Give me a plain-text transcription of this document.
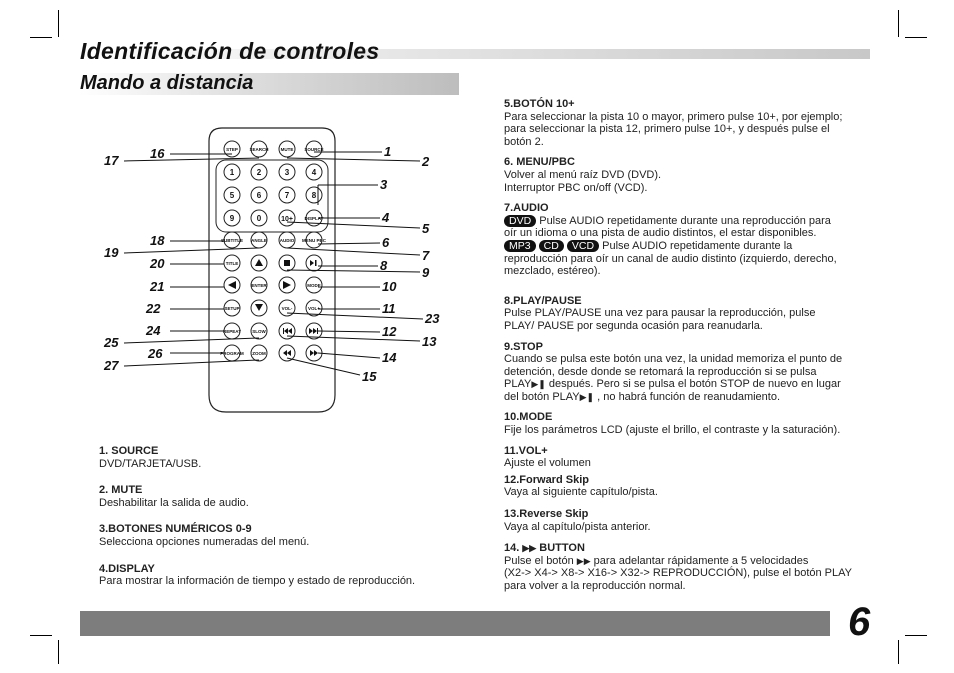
Identificación de controles
Mando a distancia
STEP	SEARCH	MUTE SOURCE
1	2	3	4
5	6	7	8
9	0	10+	DISPLAY
SUBTITLE ANGLE	AUDIO MENU PBC
TITLE
ENTER	MODE
SETUP	VOL-	VOL+
REPEAT	SLOW
PROGRAM ZOOM
1
2
3
4
5
6
7
8	9
10
11
12
13
14
15
16
17
18
19
20
21
22
23
24
25
26
27

1. SOURCE

DVD/TARJETA/USB.

2. MUTE

Deshabilitar la salida de audio.

3.BOTONES NUMÉRICOS 0-9

Selecciona opciones numeradas del menú.

4.DISPLAY

Para mostrar la información de tiempo y estado de reproducción.

5.BOTÓN 10+

Para seleccionar la pista 10 o mayor, primero pulse 10+, por ejemplo;

para seleccionar la pista 12, primero pulse 10+, y después pulse el

botón 2.

6. MENU/PBC

Volver al menú raíz DVD (DVD).

Interruptor PBC on/off (VCD).

7.AUDIO

DVD Pulse AUDIO repetidamente durante una reproducción para

oír un idioma o una pista de audio distintos, el estar disponibles.

MP3 CD VCD Pulse AUDIO repetidamente durante la

reproducción para oír un canal de audio distinto (izquierdo, derecho,

mezclado, estéreo).

8.PLAY/PAUSE

Pulse PLAY/PAUSE una vez para pausar la reproducción, pulse

PLAY/ PAUSE por segunda ocasión para reanudarla.

9.STOP

Cuando se pulsa este botón una vez, la unidad memoriza el punto de

detención, desde donde se retomará la reproducción si se pulsa

PLAY▶❚ después. Pero si se pulsa el botón STOP de nuevo en lugar

del botón PLAY▶❚ , no habrá función de reanudamiento.

10.MODE

Fije los parámetros LCD (ajuste el brillo, el contraste y la saturación).

11.VOL+

Ajuste el volumen

12.Forward Skip

Vaya al siguiente capítulo/pista.

13.Reverse Skip

Vaya al capítulo/pista anterior.

14. ▶▶ BUTTON

Pulse el botón ▶▶ para adelantar rápidamente a 5 velocidades

(X2-> X4-> X8-> X16-> X32-> REPRODUCCIÓN), pulse el botón PLAY

para volver a la reproducción normal.

6
